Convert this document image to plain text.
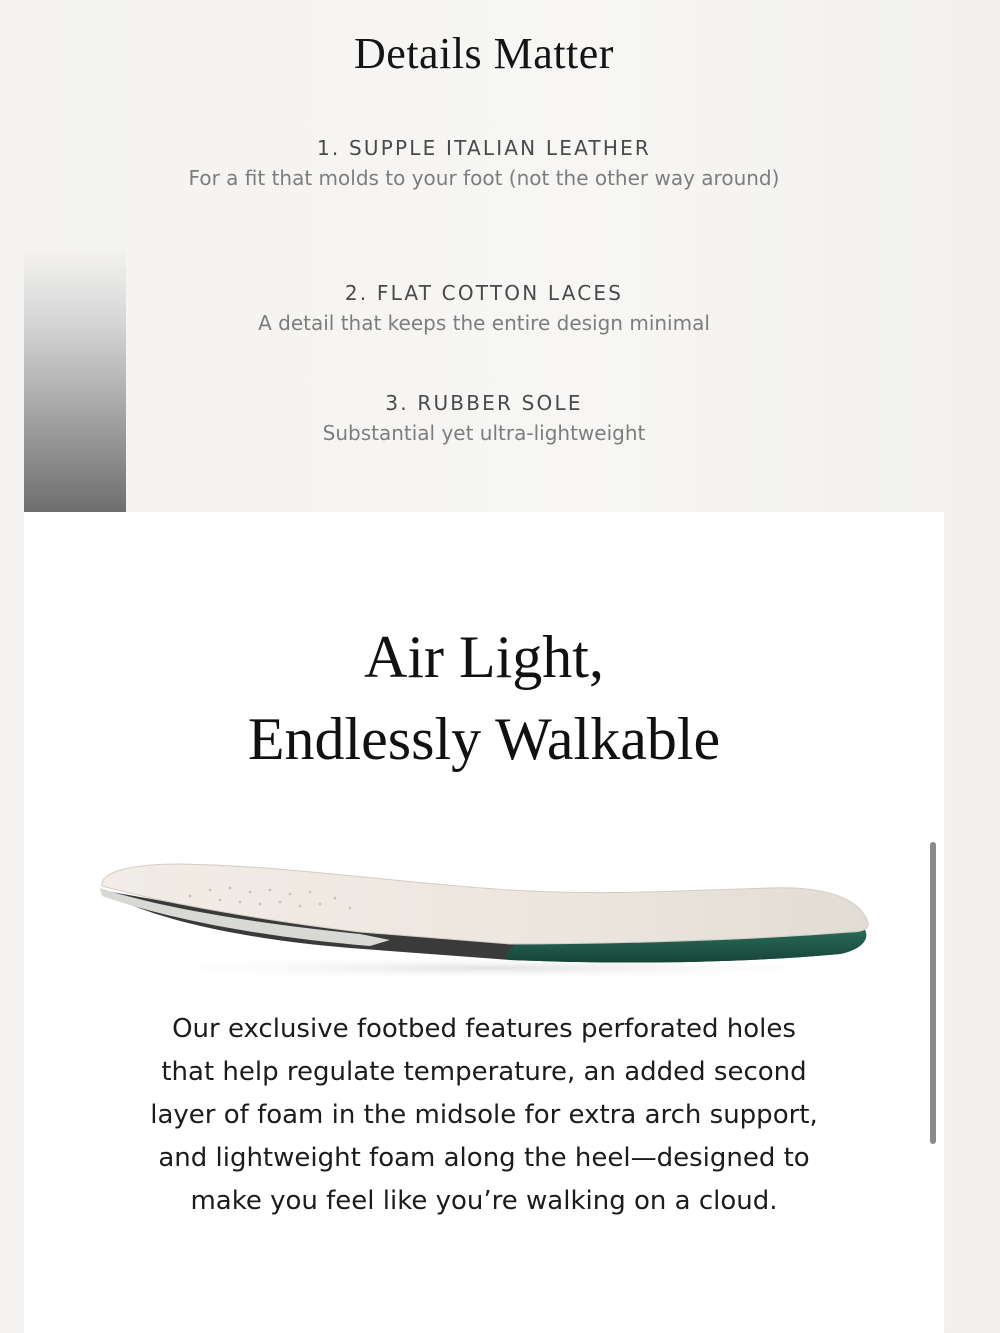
Details Matter
1. SUPPLE ITALIAN LEATHER
For a fit that molds to your foot (not the other way around)
2. FLAT COTTON LACES
A detail that keeps the entire design minimal
3. RUBBER SOLE
Substantial yet ultra-lightweight
Air Light,
Endlessly Walkable
Our exclusive footbed features perforated holes that help regulate temperature, an added second layer of foam in the midsole for extra arch support, and lightweight foam along the heel—designed to make you feel like you’re walking on a cloud.
